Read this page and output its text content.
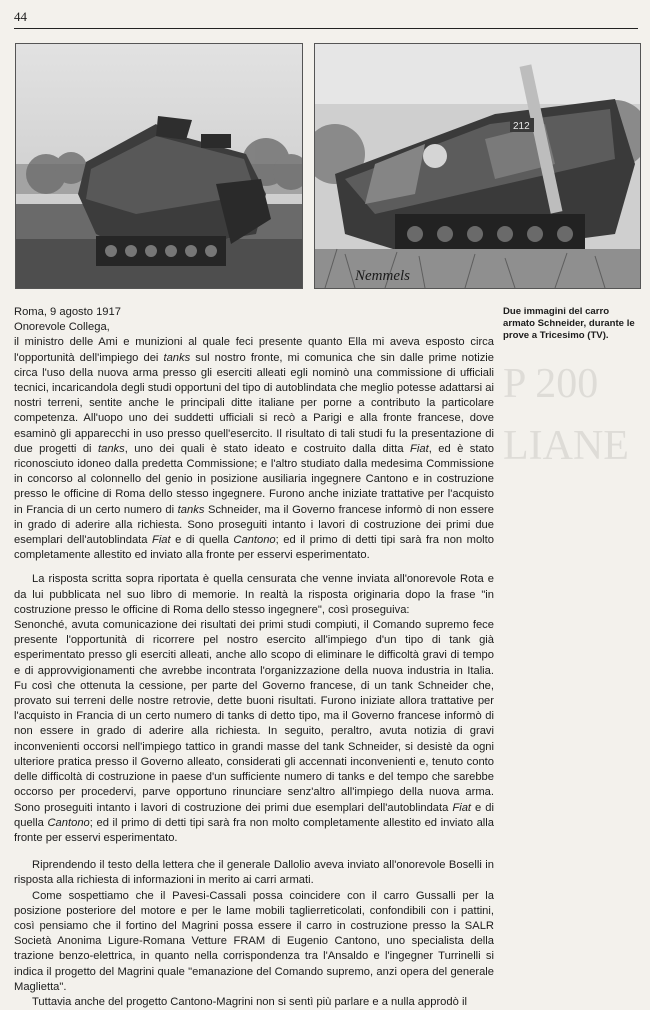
44
212
Nemmels
Due immagini del carro armato Schneider, durante le prove a Tricesimo (TV).
P 200
LIANE

Roma, 9 agosto 1917

Onorevole Collega,

il ministro delle Ami e munizioni al quale feci presente quanto Ella mi aveva esposto circa l'opportunità dell'impiego dei tanks sul nostro fronte, mi comunica che sin dalle prime notizie circa l'uso della nuova arma presso gli eserciti alleati egli nominò una commissione di ufficiali tecnici, incaricandola degli studi opportuni del tipo di autoblindata che meglio potesse adattarsi ai nostri terreni, sentite anche le principali ditte italiane per porne a contributo la particolare competenza. All'uopo uno dei suddetti ufficiali si recò a Parigi e alla fronte francese, dove esaminò gli apparecchi in uso presso quell'esercito. Il risultato di tali studi fu la presentazione di due progetti di tanks, uno dei quali è stato ideato e costruito dalla ditta Fiat, ed è stato riconosciuto idoneo dalla predetta Commissione; e l'altro studiato dalla medesima Commissione in concorso al colonnello del genio in posizione ausiliaria ingegnere Cantono e in costruzione presso le officine di Roma dello stesso ingegnere. Furono anche iniziate trattative per l'acquisto in Francia di un certo numero di tanks Schneider, ma il Governo francese informò di non essere in grado di aderire alla richiesta. Sono proseguiti intanto i lavori di costruzione dei primi due esemplari dell'autoblindata Fiat e di quella Cantono; ed il primo di detti tipi sarà fra non molto completamente allestito ed inviato alla fronte per esservi esperimentato.

La risposta scritta sopra riportata è quella censurata che venne inviata all'onorevole Rota e da lui pubblicata nel suo libro di memorie. In realtà la risposta originaria dopo la frase "in costruzione presso le officine di Roma dello stesso ingegnere", così proseguiva:

Senonché, avuta comunicazione dei risultati dei primi studi compiuti, il Comando supremo fece presente l'opportunità di ricorrere pel nostro esercito all'impiego d'un tipo di tank già esperimentato presso gli eserciti alleati, anche allo scopo di eliminare le difficoltà gravi di tempo e di approvvigionamenti che avrebbe incontrata l'organizzazione della nuova industria in Italia. Fu così che ottenuta la cessione, per parte del Governo francese, di un tank Schneider che, provato sui terreni delle nostre retrovie, dette buoni risultati. Furono iniziate allora trattative per l'acquisto in Francia di un certo numero di tanks di detto tipo, ma il Governo francese informò di non essere in grado di aderire alla richiesta. In seguito, peraltro, avuta notizia di gravi inconvenienti occorsi nell'impiego tattico in grandi masse del tank Schneider, si desistè da ogni ulteriore pratica presso il Governo alleato, considerati gli accennati inconvenienti e, tenuto conto delle difficoltà di costruzione in paese d'un sufficiente numero di tanks e del tempo che sarebbe occorso per procedervi, parve opportuno rinunciare senz'altro all'impiego della nuova arma. Sono proseguiti intanto i lavori di costruzione dei primi due esemplari dell'autoblindata Fiat e di quella Cantono; ed il primo di detti tipi sarà fra non molto completamente allestito ed inviato alla fronte per esservi esperimentato.

Riprendendo il testo della lettera che il generale Dallolio aveva inviato all'onorevole Boselli in risposta alla richiesta di informazioni in merito ai carri armati.

Come sospettiamo che il Pavesi-Cassali possa coincidere con il carro Gussalli per la posizione posteriore del motore e per le lame mobili taglierreticolati, confondibili con i pattini, così pensiamo che il fortino del Magrini possa essere il carro in costruzione presso la SALR Società Anonima Ligure-Romana Vetture FRAM di Eugenio Cantono, uno specialista della trazione benzo-elettrica, in quanto nella corrispondenza tra l'Ansaldo e l'ingegner Turrinelli si indica il progetto del Magrini quale "emanazione del Comando supremo, anzi opera del generale Maglietta".

Tuttavia anche del progetto Cantono-Magrini non si sentì più parlare e a nulla approdò il
